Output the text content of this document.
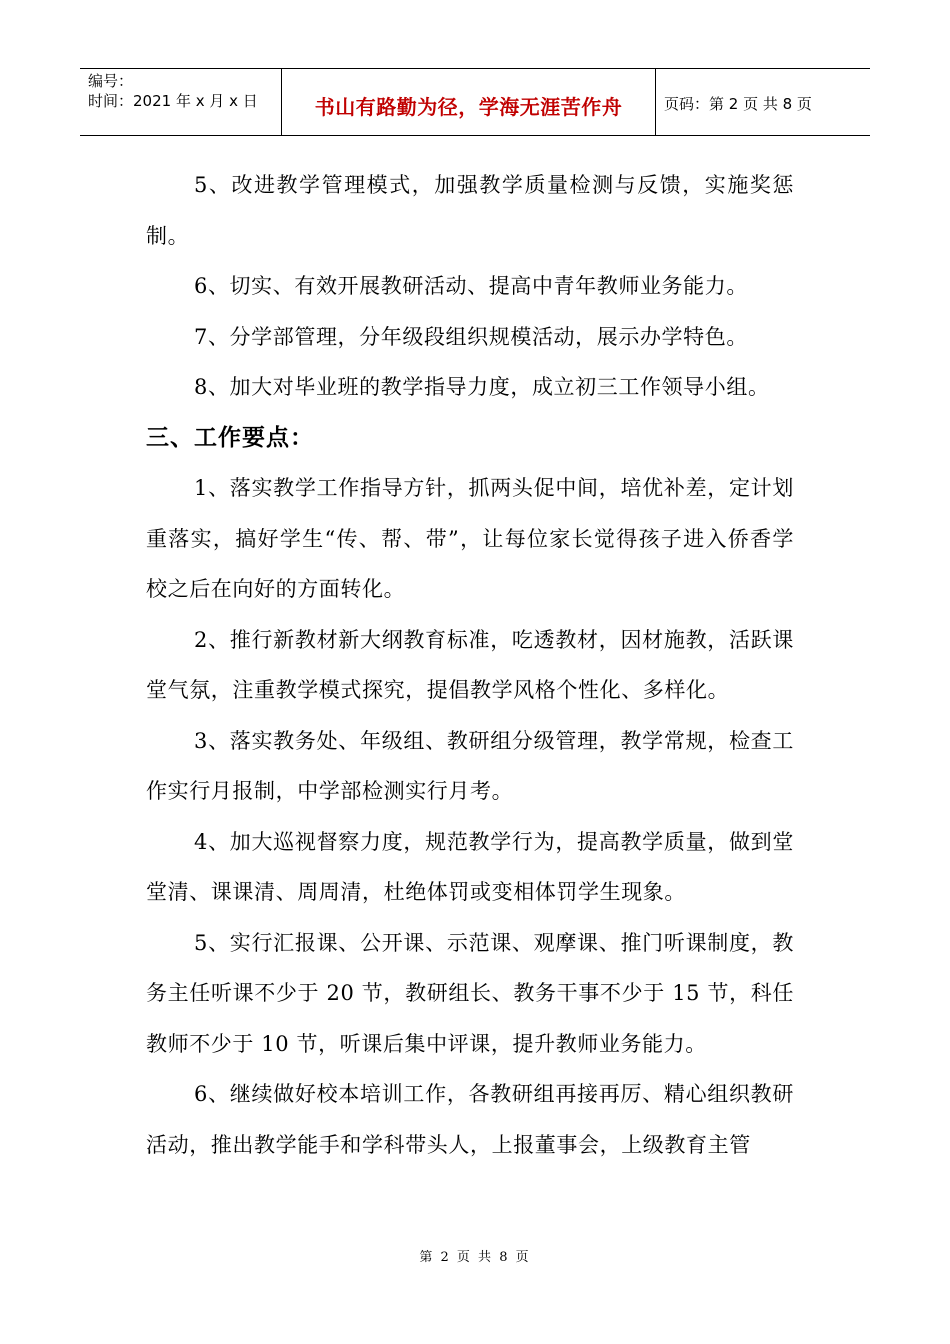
编号：
时间：2021 年 x 月 x 日	书山有路勤为径，学海无涯苦作舟	页码：第 2 页 共 8 页

5、改进教学管理模式，加强教学质量检测与反馈，实施奖惩制。

6、切实、有效开展教研活动、提高中青年教师业务能力。

7、分学部管理，分年级段组织规模活动，展示办学特色。

8、加大对毕业班的教学指导力度，成立初三工作领导小组。

三、工作要点：

1、落实教学工作指导方针，抓两头促中间，培优补差，定计划重落实，搞好学生“传、帮、带”，让每位家长觉得孩子进入侨香学校之后在向好的方面转化。

2、推行新教材新大纲教育标准，吃透教材，因材施教，活跃课堂气氛，注重教学模式探究，提倡教学风格个性化、多样化。

3、落实教务处、年级组、教研组分级管理，教学常规，检查工作实行月报制，中学部检测实行月考。

4、加大巡视督察力度，规范教学行为，提高教学质量，做到堂堂清、课课清、周周清，杜绝体罚或变相体罚学生现象。

5、实行汇报课、公开课、示范课、观摩课、推门听课制度，教务主任听课不少于 20 节，教研组长、教务干事不少于 15 节，科任教师不少于 10 节，听课后集中评课，提升教师业务能力。

6、继续做好校本培训工作，各教研组再接再厉、精心组织教研活动，推出教学能手和学科带头人，上报董事会，上级教育主管

第 2 页 共 8 页
